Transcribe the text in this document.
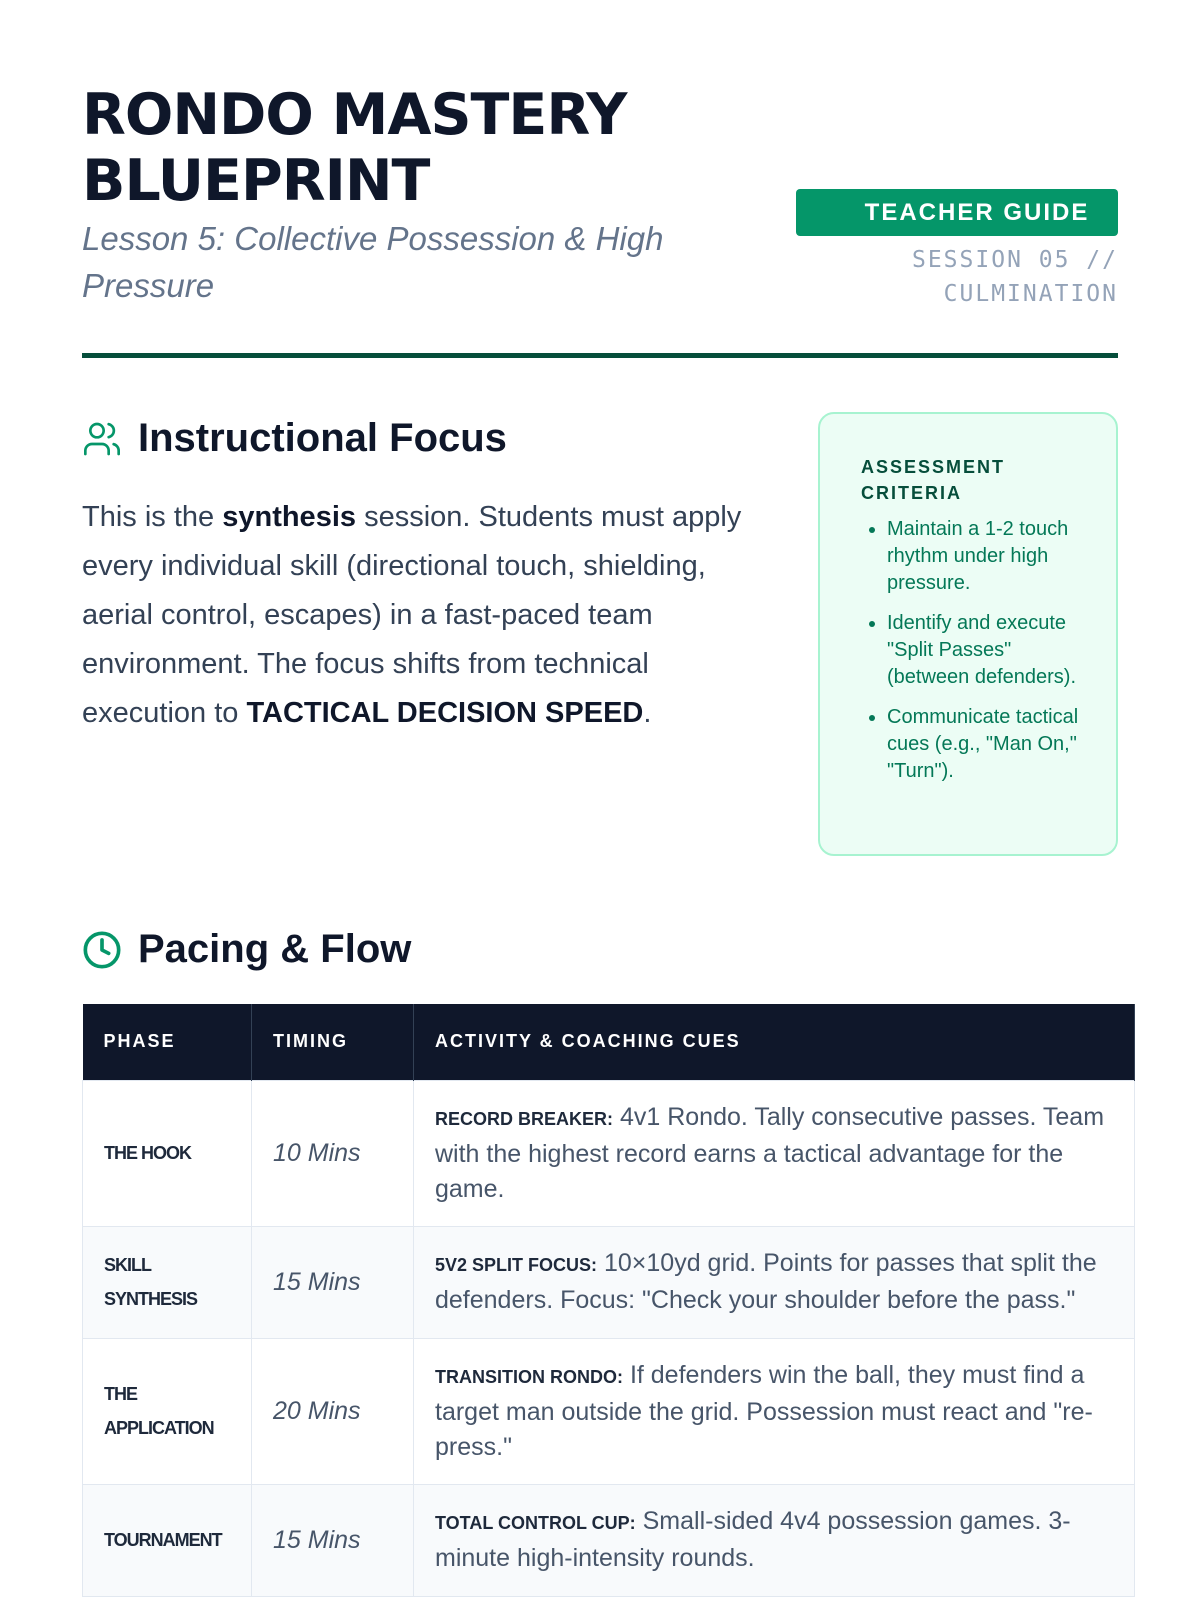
RONDO MASTERY BLUEPRINT

Lesson 5: Collective Possession & High Pressure

TEACHER GUIDE
SESSION 05 // CULMINATION
Instructional Focus

This is the synthesis session. Students must apply every individual skill (directional touch, shielding, aerial control, escapes) in a fast-paced team environment. The focus shifts from technical execution to TACTICAL DECISION SPEED.

ASSESSMENT CRITERIA
• Maintain a 1-2 touch rhythm under high pressure.
• Identify and execute "Split Passes" (between defenders).
• Communicate tactical cues (e.g., "Man On," "Turn").
Pacing & Flow
PHASE	TIMING	ACTIVITY & COACHING CUES
THE HOOK	10 Mins	RECORD BREAKER: 4v1 Rondo. Tally consecutive passes. Team with the highest record earns a tactical advantage for the game.
SKILL SYNTHESIS	15 Mins	5V2 SPLIT FOCUS: 10×10yd grid. Points for passes that split the defenders. Focus: "Check your shoulder before the pass."
THE APPLICATION	20 Mins	TRANSITION RONDO: If defenders win the ball, they must find a target man outside the grid. Possession must react and "re-press."
TOURNAMENT	15 Mins	TOTAL CONTROL CUP: Small-sided 4v4 possession games. 3-minute high-intensity rounds.
